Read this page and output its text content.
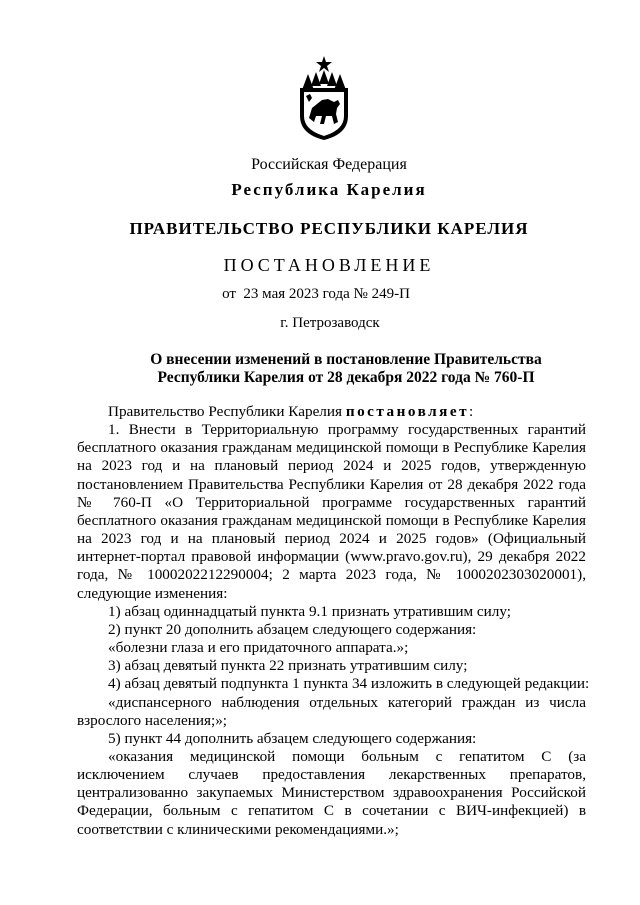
Российская Федерация
Республика Карелия
ПРАВИТЕЛЬСТВО РЕСПУБЛИКИ КАРЕЛИЯ
ПОСТАНОВЛЕНИЕ
от  23 мая 2023 года № 249-П
г. Петрозаводск
О внесении изменений в постановление Правительства
Республики Карелия от 28 декабря 2022 года № 760-П

Правительство Республики Карелия постановляет:

1. Внести в Территориальную программу государственных гарантий бесплатного оказания гражданам медицинской помощи в Республике Карелия на 2023 год и на плановый период 2024 и 2025 годов, утвержденную постановлением Правительства Республики Карелия от 28 декабря 2022 года № 760-П «О Территориальной программе государственных гарантий бесплатного оказания гражданам медицинской помощи в Республике Карелия на 2023 год и на плановый период 2024 и 2025 годов» (Официальный интернет-портал правовой информации (www.pravo.gov.ru), 29 декабря 2022 года, № 1000202212290004; 2 марта 2023 года, № 1000202303020001), следующие изменения:

1) абзац одиннадцатый пункта 9.1 признать утратившим силу;

2) пункт 20 дополнить абзацем следующего содержания:

«болезни глаза и его придаточного аппарата.»;

3) абзац девятый пункта 22 признать утратившим силу;

4) абзац девятый подпункта 1 пункта 34 изложить в следующей редакции:

«диспансерного наблюдения отдельных категорий граждан из числа взрослого населения;»;

5) пункт 44 дополнить абзацем следующего содержания:

«оказания медицинской помощи больным с гепатитом С (за исключением случаев предоставления лекарственных препаратов, централизованно закупаемых Министерством здравоохранения Российской Федерации, больным с гепатитом С в сочетании с ВИЧ-инфекцией) в соответствии с клиническими рекомендациями.»;
